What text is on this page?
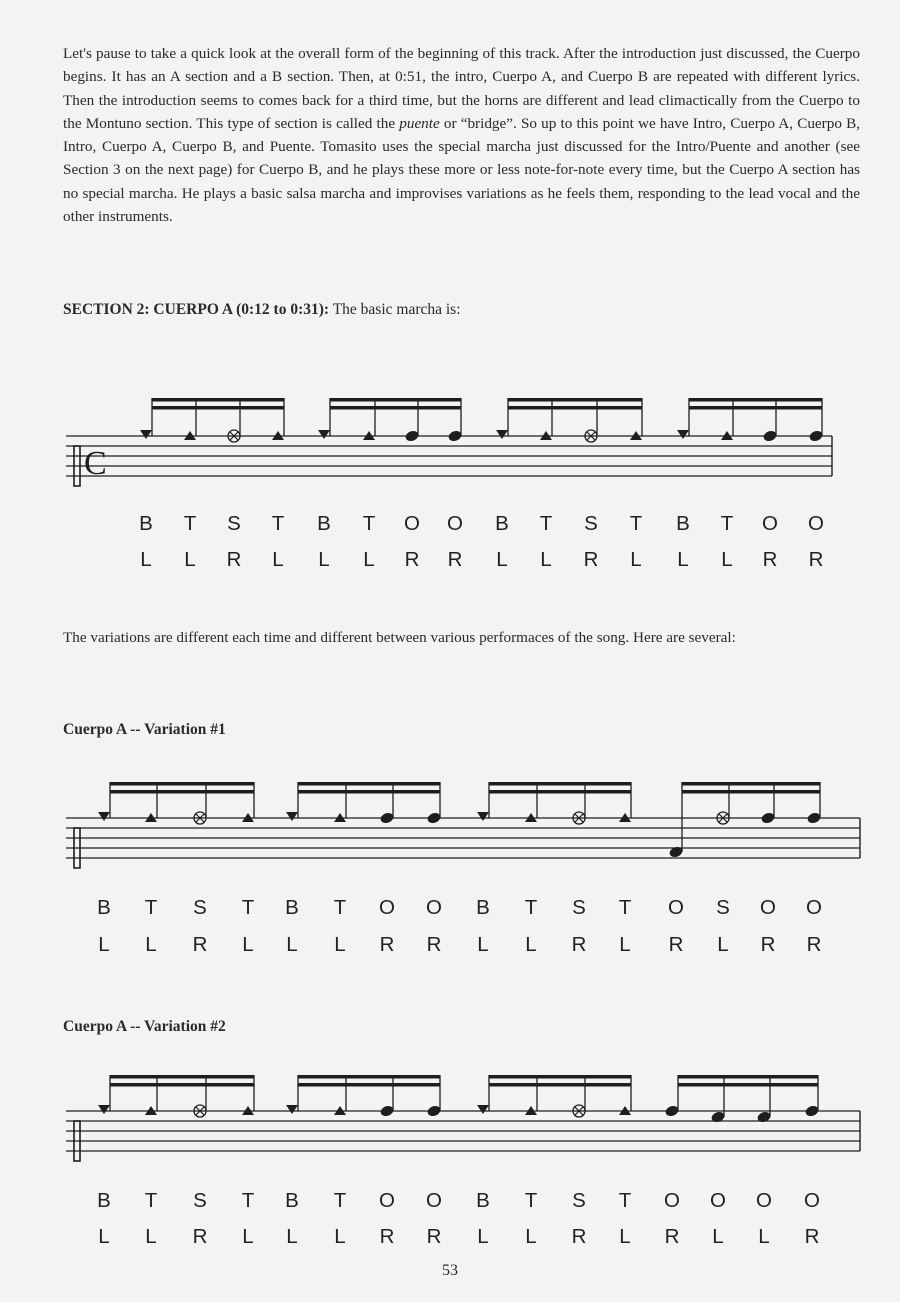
Let's pause to take a quick look at the overall form of the beginning of this track. After the introduction just discussed, the Cuerpo begins. It has an A section and a B section. Then, at 0:51, the intro, Cuerpo A, and Cuerpo B are repeated with different lyrics. Then the introduction seems to comes back for a third time, but the horns are different and lead climactically from the Cuerpo to the Montuno section. This type of section is called the puente or “bridge”. So up to this point we have Intro, Cuerpo A, Cuerpo B, Intro, Cuerpo A, Cuerpo B, and Puente. Tomasito uses the special marcha just discussed for the Intro/Puente and another (see Section 3 on the next page) for Cuerpo B, and he plays these more or less note-for-note every time, but the Cuerpo A section has no special marcha. He plays a basic salsa marcha and improvises variations as he feels them, responding to the lead vocal and the other instruments.

SECTION 2: CUERPO A (0:12 to 0:31): The basic marcha is:
C
B T S T B T O O B T S T B T O O
L L R L L L R R L L R L L L R R

The variations are different each time and different between various performaces of the song. Here are several:

Cuerpo A -- Variation #1
B T S T B T O O B T S T O S O O
L L R L L L R R L L R L R L R R
Cuerpo A -- Variation #2
B T S T B T O O B T S T O O O O
L L R L L L R R L L R L R L L R
53
